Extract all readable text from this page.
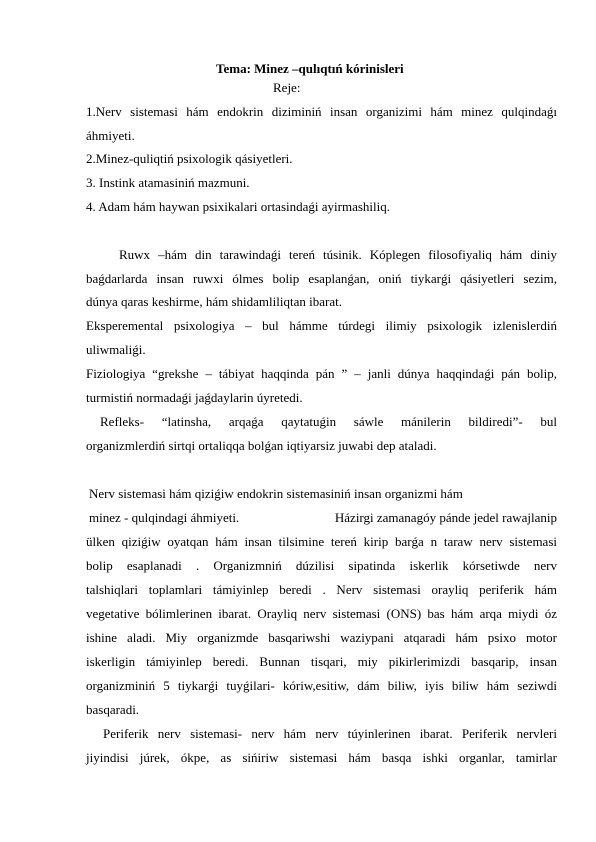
Tema: Minez –qulıqtıń kórinisleri
Reje:
1.Nerv sistemasi hám endokrin diziminiń insan organizimi hám minez qulqindaǵı
áhmiyeti.
2.Minez-quliqtiń psixologik qásiyetleri.
3. Instink atamasiniń mazmuni.
4. Adam hám haywan psixikalari ortasindaǵi ayirmashiliq.
Ruwx –hám din tarawindaǵi tereń túsinik. Kóplegen filosofiyaliq hám diniy
baǵdarlarda insan ruwxi ólmes bolip esaplanǵan, oniń tiykarǵi qásiyetleri sezim,
dúnya qaras keshirme, hám shidamliliqtan ibarat.
Eksperemental psixologiya – bul hámme túrdegi ilimiy psixologik izlenislerdiń
uliwmaliǵi.
Fiziologiya “grekshe – tábiyat haqqinda pán ” – janli dúnya haqqindaǵi pán bolip,
turmistiń normadaǵi jaǵdaylarin úyretedi.
Refleks- “latinsha, arqaǵa qaytatuǵin sáwle mánilerin bildiredi”- bul
organizmlerdiń sirtqi ortaliqqa bolǵan iqtiyarsiz juwabi dep ataladi.
Nerv sistemasi hám qiziǵiw endokrin sistemasiniń insan organizmi hám
minez - qulqindagi áhmiyeti.	Házirgi zamanagóy pánde jedel rawajlanip
ülken qiziǵiw oyatqan hám insan tilsimine tereń kirip barǵa n taraw nerv sistemasi
bolip esaplanadi . Organizmniń dúzilisi sipatinda iskerlik kórsetiwde nerv
talshiqlari toplamlari támiyinlep beredi . Nerv sistemasi orayliq periferik hám
vegetative bólimlerinen ibarat. Orayliq nerv sistemasi (ONS) bas hám arqa miydi óz
ishine aladi. Miy organizmde basqariwshi waziypani atqaradi hám psixo motor
iskerligin támiyinlep beredi. Bunnan tisqari, miy pikirlerimizdi basqarip, insan
organizminiń 5 tiykarǵi tuyǵilari- kóriw,esitiw, dám biliw, iyis biliw hám seziwdi
basqaradi.
Periferik nerv sistemasi- nerv hám nerv túyinlerinen ibarat. Periferik nervleri
jiyindisi júrek, ókpe, as sińiriw sistemasi hám basqa ishki organlar, tamirlar
